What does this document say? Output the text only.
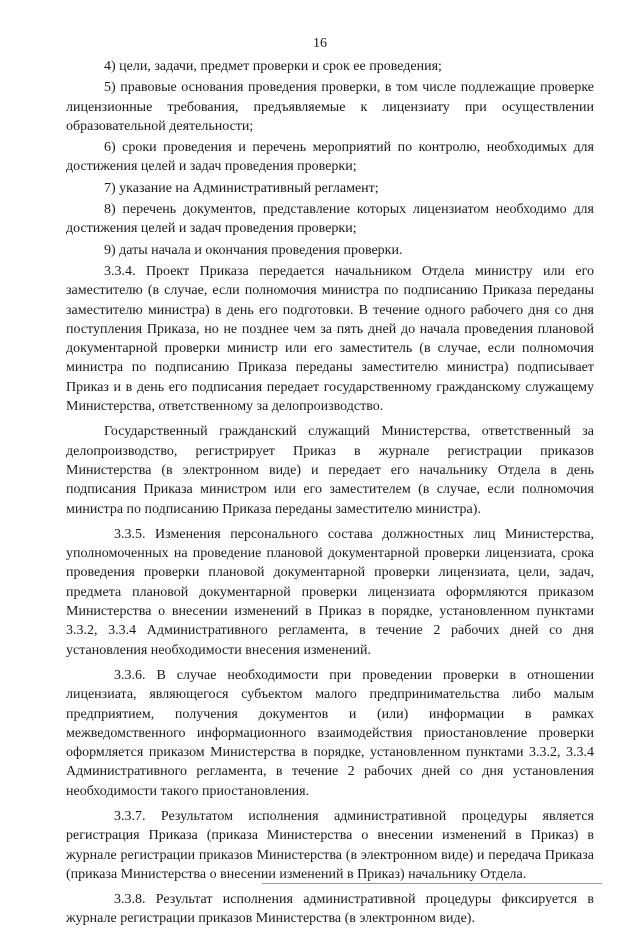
16

4) цели, задачи, предмет проверки и срок ее проведения;

5) правовые основания проведения проверки, в том числе подлежащие проверке лицензионные требования, предъявляемые к лицензиату при осуществлении образовательной деятельности;

6) сроки проведения и перечень мероприятий по контролю, необходимых для достижения целей и задач проведения проверки;

7) указание на Административный регламент;

8) перечень документов, представление которых лицензиатом необходимо для достижения целей и задач проведения проверки;

9) даты начала и окончания проведения проверки.

3.3.4. Проект Приказа передается начальником Отдела министру или его заместителю (в случае, если полномочия министра по подписанию Приказа переданы заместителю министра) в день его подготовки. В течение одного рабочего дня со дня поступления Приказа, но не позднее чем за пять дней до начала проведения плановой документарной проверки министр или его заместитель (в случае, если полномочия министра по подписанию Приказа переданы заместителю министра) подписывает Приказ и в день его подписания передает государственному гражданскому служащему Министерства, ответственному за делопроизводство.

Государственный гражданский служащий Министерства, ответственный за делопроизводство, регистрирует Приказ в журнале регистрации приказов Министерства (в электронном виде) и передает его начальнику Отдела в день подписания Приказа министром или его заместителем (в случае, если полномочия министра по подписанию Приказа переданы заместителю министра).

3.3.5. Изменения персонального состава должностных лиц Министерства, уполномоченных на проведение плановой документарной проверки лицензиата, срока проведения проверки плановой документарной проверки лицензиата, цели, задач, предмета плановой документарной проверки лицензиата оформляются приказом Министерства о внесении изменений в Приказ в порядке, установленном пунктами 3.3.2, 3.3.4 Административного регламента, в течение 2 рабочих дней со дня установления необходимости внесения изменений.

3.3.6. В случае необходимости при проведении проверки в отношении лицензиата, являющегося субъектом малого предпринимательства либо малым предприятием, получения документов и (или) информации в рамках межведомственного информационного взаимодействия приостановление проверки оформляется приказом Министерства в порядке, установленном пунктами 3.3.2, 3.3.4 Административного регламента, в течение 2 рабочих дней со дня установления необходимости такого приостановления.

3.3.7. Результатом исполнения административной процедуры является регистрация Приказа (приказа Министерства о внесении изменений в Приказ) в журнале регистрации приказов Министерства (в электронном виде) и передача Приказа (приказа Министерства о внесении изменений в Приказ) начальнику Отдела.

3.3.8. Результат исполнения административной процедуры фиксируется в журнале регистрации приказов Министерства (в электронном виде).
